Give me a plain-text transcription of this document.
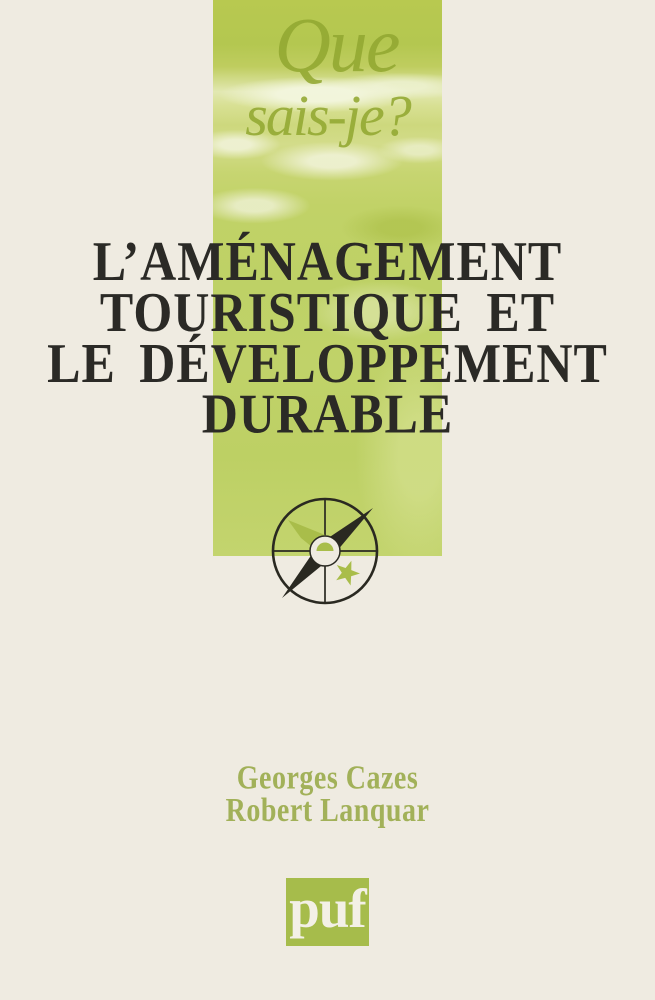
Que
sais-je?
L’AMÉNAGEMENT
TOURISTIQUE ET
LE DÉVELOPPEMENT
DURABLE
Georges Cazes
Robert Lanquar
puf
